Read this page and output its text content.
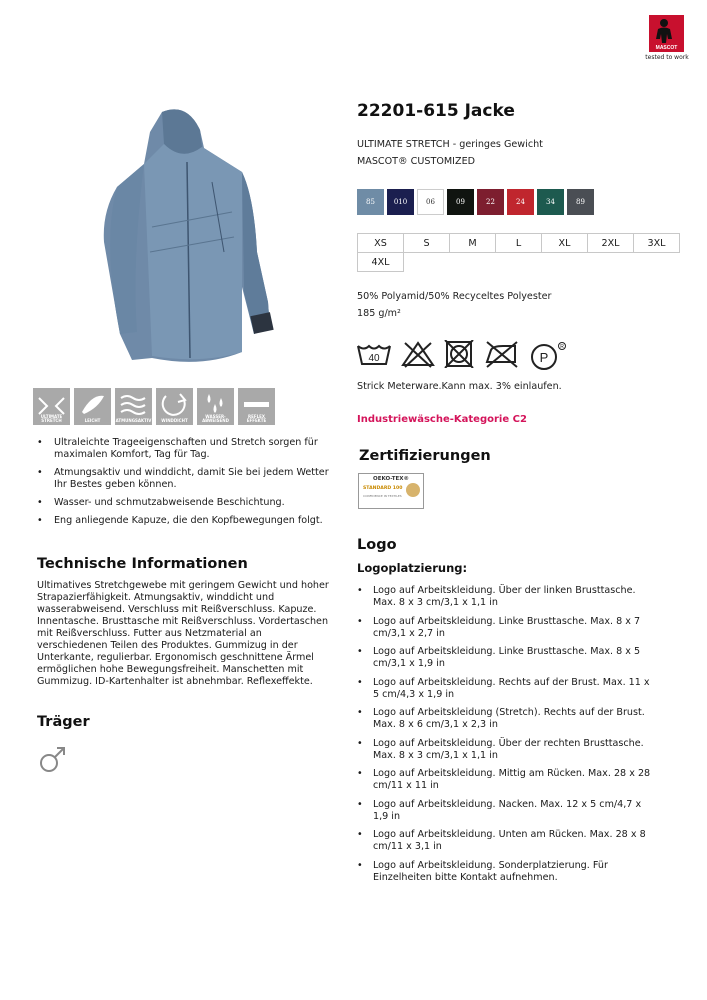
MASCOT
tested to work
ULTIMATE STRETCH	LEICHT	ATMUNGSAKTIV	WINDDICHT
WASSER-ABWEISEND
REFLEX EFFEKTE
• Ultraleichte Trageeigenschaften und Stretch sorgen für maximalen Komfort, Tag für Tag.
• Atmungsaktiv und winddicht, damit Sie bei jedem Wetter Ihr Bestes geben können.
• Wasser- und schmutzabweisende Beschichtung.
• Eng anliegende Kapuze, die den Kopfbewegungen folgt.
Technische Informationen
Ultimatives Stretchgewebe mit geringem Gewicht und hoher Strapazierfähigkeit. Atmungsaktiv, winddicht und wasserabweisend. Verschluss mit Reißverschluss. Kapuze. Innentasche. Brusttasche mit Reißverschluss. Vordertaschen mit Reißverschluss. Futter aus Netzmaterial an verschiedenen Teilen des Produktes. Gummizug in der Unterkante, regulierbar. Ergonomisch geschnittene Ärmel ermöglichen hohe Bewegungsfreiheit. Manschetten mit Gummizug. ID-Kartenhalter ist abnehmbar. Reflexeffekte.
Träger
22201-615 Jacke
ULTIMATE STRETCH - geringes Gewicht
MASCOT® CUSTOMIZED
85	010	06	09	22	24	34	89
XS	S	M	L	XL	2XL	3XL
4XL
50% Polyamid/50% Recyceltes Polyester
185 g/m²
40	P
R
Strick Meterware.Kann max. 3% einlaufen.
Industriewäsche-Kategorie C2
Zertifizierungen
OEKO-TEX®
STANDARD 100
CONFIDENCE IN TEXTILES
Logo
Logoplatzierung:
• Logo auf Arbeitskleidung. Über der linken Brusttasche. Max. 8 x 3 cm/3,1 x 1,1 in
• Logo auf Arbeitskleidung. Linke Brusttasche. Max. 8 x 7 cm/3,1 x 2,7 in
• Logo auf Arbeitskleidung. Linke Brusttasche. Max. 8 x 5 cm/3,1 x 1,9 in
• Logo auf Arbeitskleidung. Rechts auf der Brust. Max. 11 x 5 cm/4,3 x 1,9 in
• Logo auf Arbeitskleidung (Stretch). Rechts auf der Brust. Max. 8 x 6 cm/3,1 x 2,3 in
• Logo auf Arbeitskleidung. Über der rechten Brusttasche. Max. 8 x 3 cm/3,1 x 1,1 in
• Logo auf Arbeitskleidung. Mittig am Rücken. Max. 28 x 28 cm/11 x 11 in
• Logo auf Arbeitskleidung. Nacken. Max. 12 x 5 cm/4,7 x 1,9 in
• Logo auf Arbeitskleidung. Unten am Rücken. Max. 28 x 8 cm/11 x 3,1 in
• Logo auf Arbeitskleidung. Sonderplatzierung. Für Einzelheiten bitte Kontakt aufnehmen.
